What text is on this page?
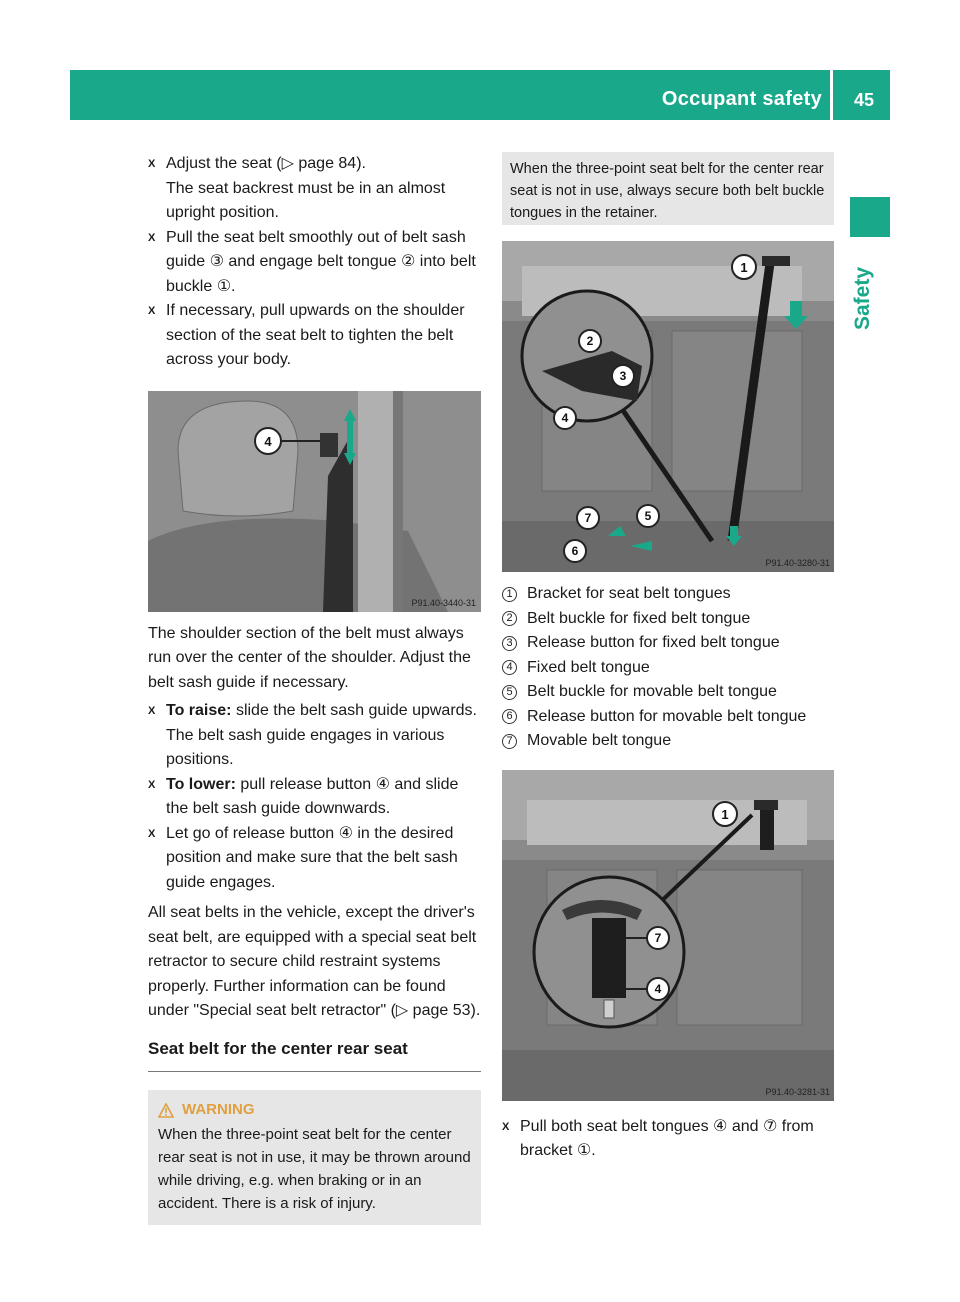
Occupant safety 45
Safety
X Adjust the seat (▷ page 84).
The seat backrest must be in an almost upright position.
X Pull the seat belt smoothly out of belt sash guide ③ and engage belt tongue ② into belt buckle ①.
X If necessary, pull upwards on the shoulder section of the seat belt to tighten the belt across your body.
4
P91.40-3440-31

The shoulder section of the belt must always run over the center of the shoulder. Adjust the belt sash guide if necessary.

X To raise: slide the belt sash guide upwards. The belt sash guide engages in various positions.
X To lower: pull release button ④ and slide the belt sash guide downwards.
X Let go of release button ④ in the desired position and make sure that the belt sash guide engages.

All seat belts in the vehicle, except the driver's seat belt, are equipped with a special seat belt retractor to secure child restraint systems properly. Further information can be found under "Special seat belt retractor" (▷ page 53).

Seat belt for the center rear seat
WARNING

When the three-point seat belt for the center rear seat is not in use, it may be thrown around while driving, e.g. when braking or in an accident. There is a risk of injury.

When the three-point seat belt for the center rear seat is not in use, always secure both belt buckle tongues in the retainer.
2
3
4
1
7	5
6
P91.40-3280-31
1 Bracket for seat belt tongues
2 Belt buckle for fixed belt tongue
3 Release button for fixed belt tongue
4 Fixed belt tongue
5 Belt buckle for movable belt tongue
6 Release button for movable belt tongue
7 Movable belt tongue
1
7
4
P91.40-3281-31
X Pull both seat belt tongues ④ and ⑦ from bracket ①.
